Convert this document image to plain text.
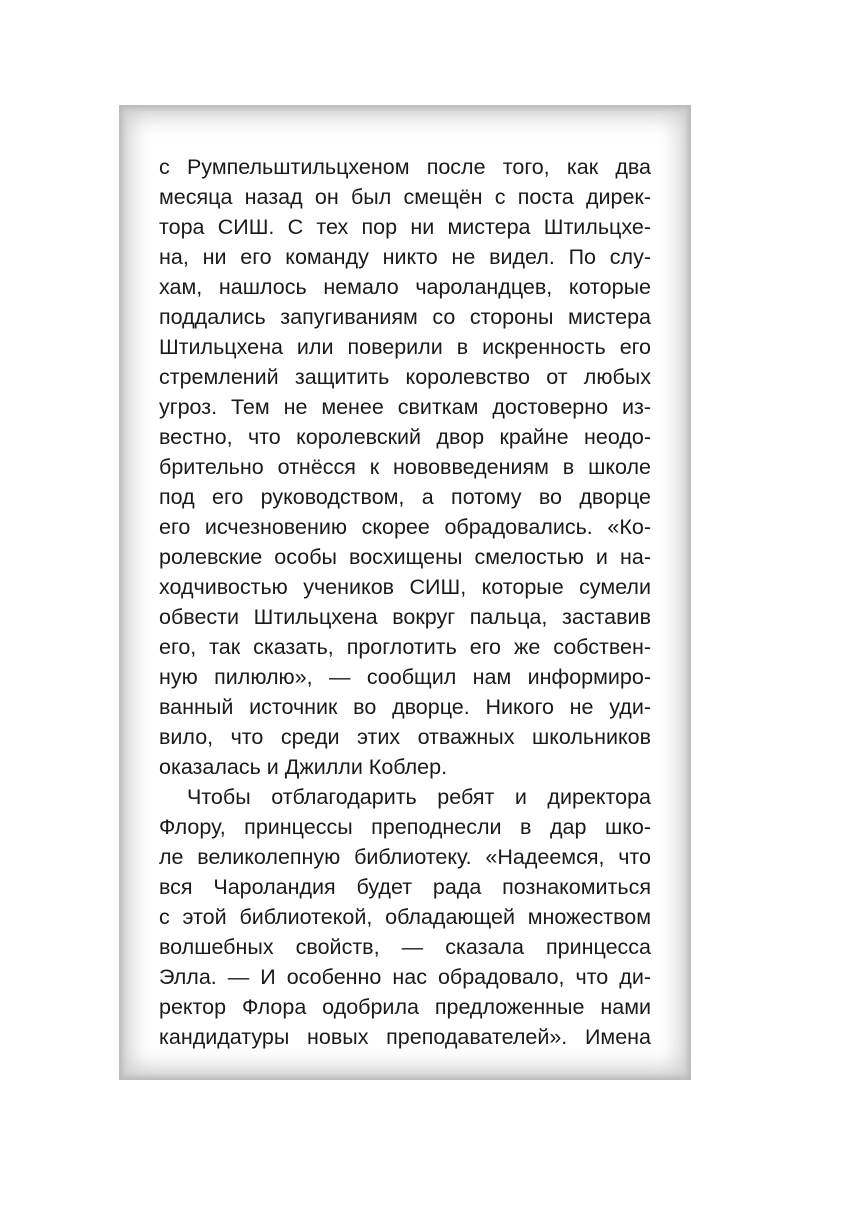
с Румпельштильцхеном после того, как два
месяца назад он был смещён с поста дирек-
тора СИШ. С тех пор ни мистера Штильцхе-
на, ни его команду никто не видел. По слу-
хам, нашлось немало чароландцев, которые
поддались запугиваниям со стороны мистера
Штильцхена или поверили в искренность его
стремлений защитить королевство от любых
угроз. Тем не менее свиткам достоверно из-
вестно, что королевский двор крайне неодо-
брительно отнёсся к нововведениям в школе
под его руководством, а потому во дворце
его исчезновению скорее обрадовались. «Ко-
ролевские особы восхищены смелостью и на-
ходчивостью учеников СИШ, которые сумели
обвести Штильцхена вокруг пальца, заставив
его, так сказать, проглотить его же собствен-
ную пилюлю», — сообщил нам информиро-
ванный источник во дворце. Никого не уди-
вило, что среди этих отважных школьников
оказалась и Джилли Коблер.
Чтобы отблагодарить ребят и директора
Флору, принцессы преподнесли в дар шко-
ле великолепную библиотеку. «Надеемся, что
вся Чароландия будет рада познакомиться
с этой библиотекой, обладающей множеством
волшебных свойств, — сказала принцесса
Элла. — И особенно нас обрадовало, что ди-
ректор Флора одобрила предложенные нами
кандидатуры новых преподавателей». Имена
